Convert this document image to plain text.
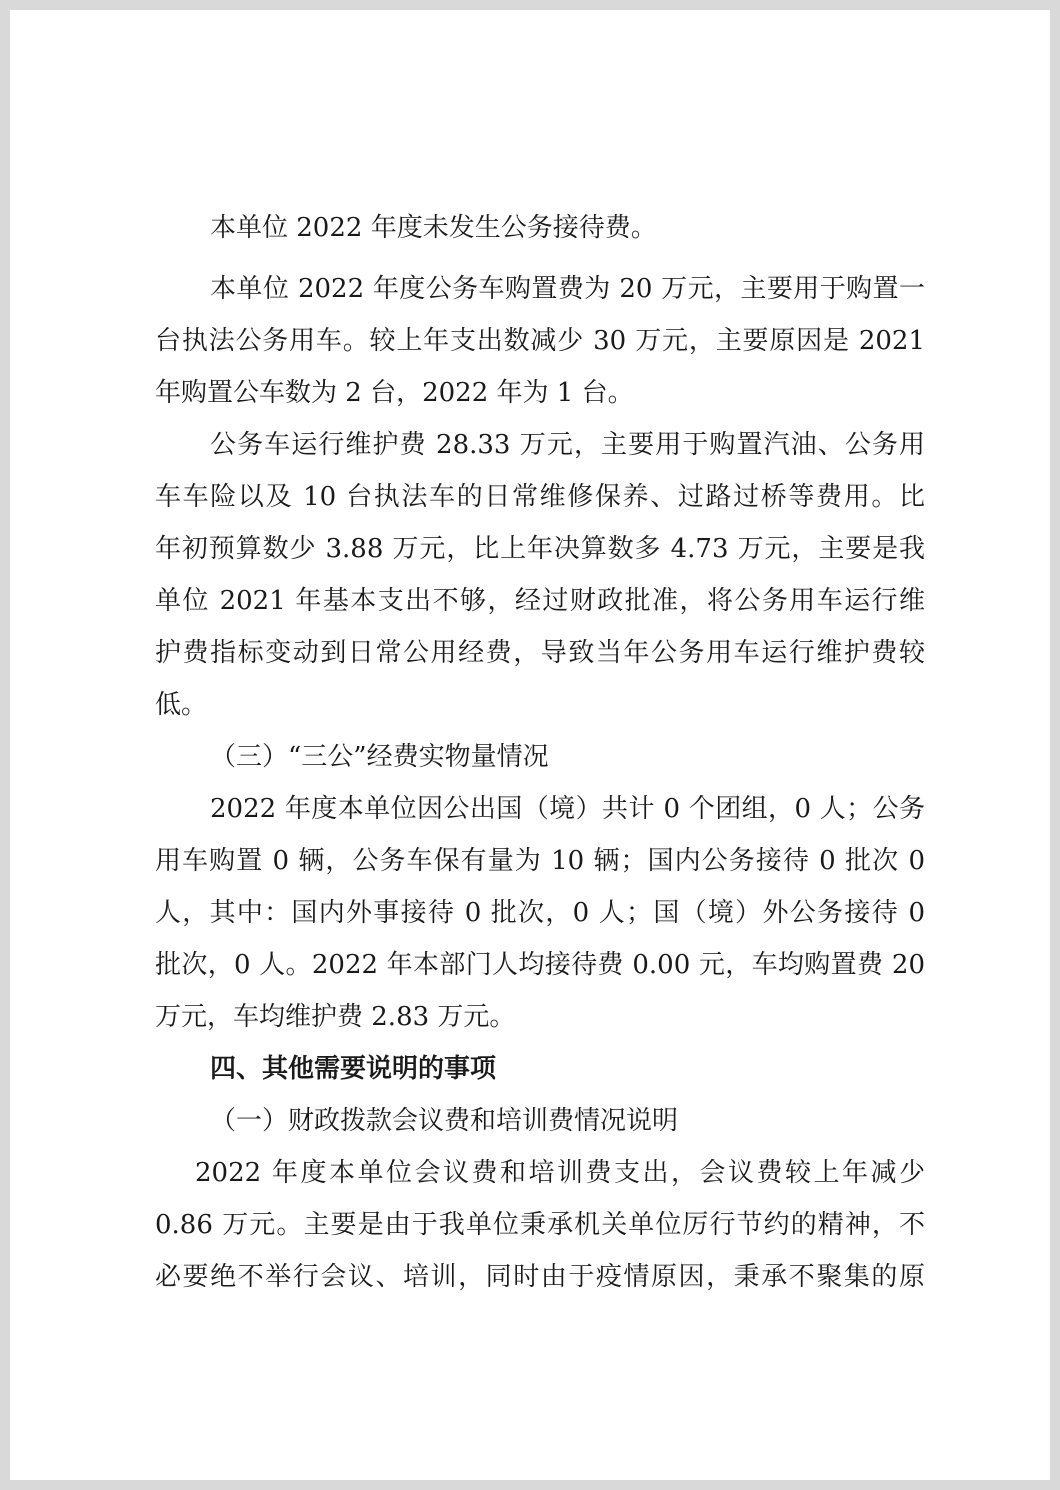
本单位 2022 年度未发生公务接待费。
本单位 2022 年度公务车购置费为 20 万元，主要用于购置一
台执法公务用车。较上年支出数减少 30 万元，主要原因是 2021
年购置公车数为 2 台，2022 年为 1 台。
公务车运行维护费 28.33 万元，主要用于购置汽油、公务用
车车险以及 10 台执法车的日常维修保养、过路过桥等费用。比
年初预算数少 3.88 万元，比上年决算数多 4.73 万元，主要是我
单位 2021 年基本支出不够，经过财政批准，将公务用车运行维
护费指标变动到日常公用经费，导致当年公务用车运行维护费较
低。
（三）“三公”经费实物量情况
2022 年度本单位因公出国（境）共计 0 个团组，0 人；公务
用车购置 0 辆，公务车保有量为 10 辆；国内公务接待 0 批次 0
人，其中：国内外事接待 0 批次，0 人；国（境）外公务接待 0
批次，0 人。2022 年本部门人均接待费 0.00 元，车均购置费 20
万元，车均维护费 2.83 万元。
四、其他需要说明的事项
（一）财政拨款会议费和培训费情况说明
2022 年度本单位会议费和培训费支出，会议费较上年减少
0.86 万元。主要是由于我单位秉承机关单位厉行节约的精神，不
必要绝不举行会议、培训，同时由于疫情原因，秉承不聚集的原
